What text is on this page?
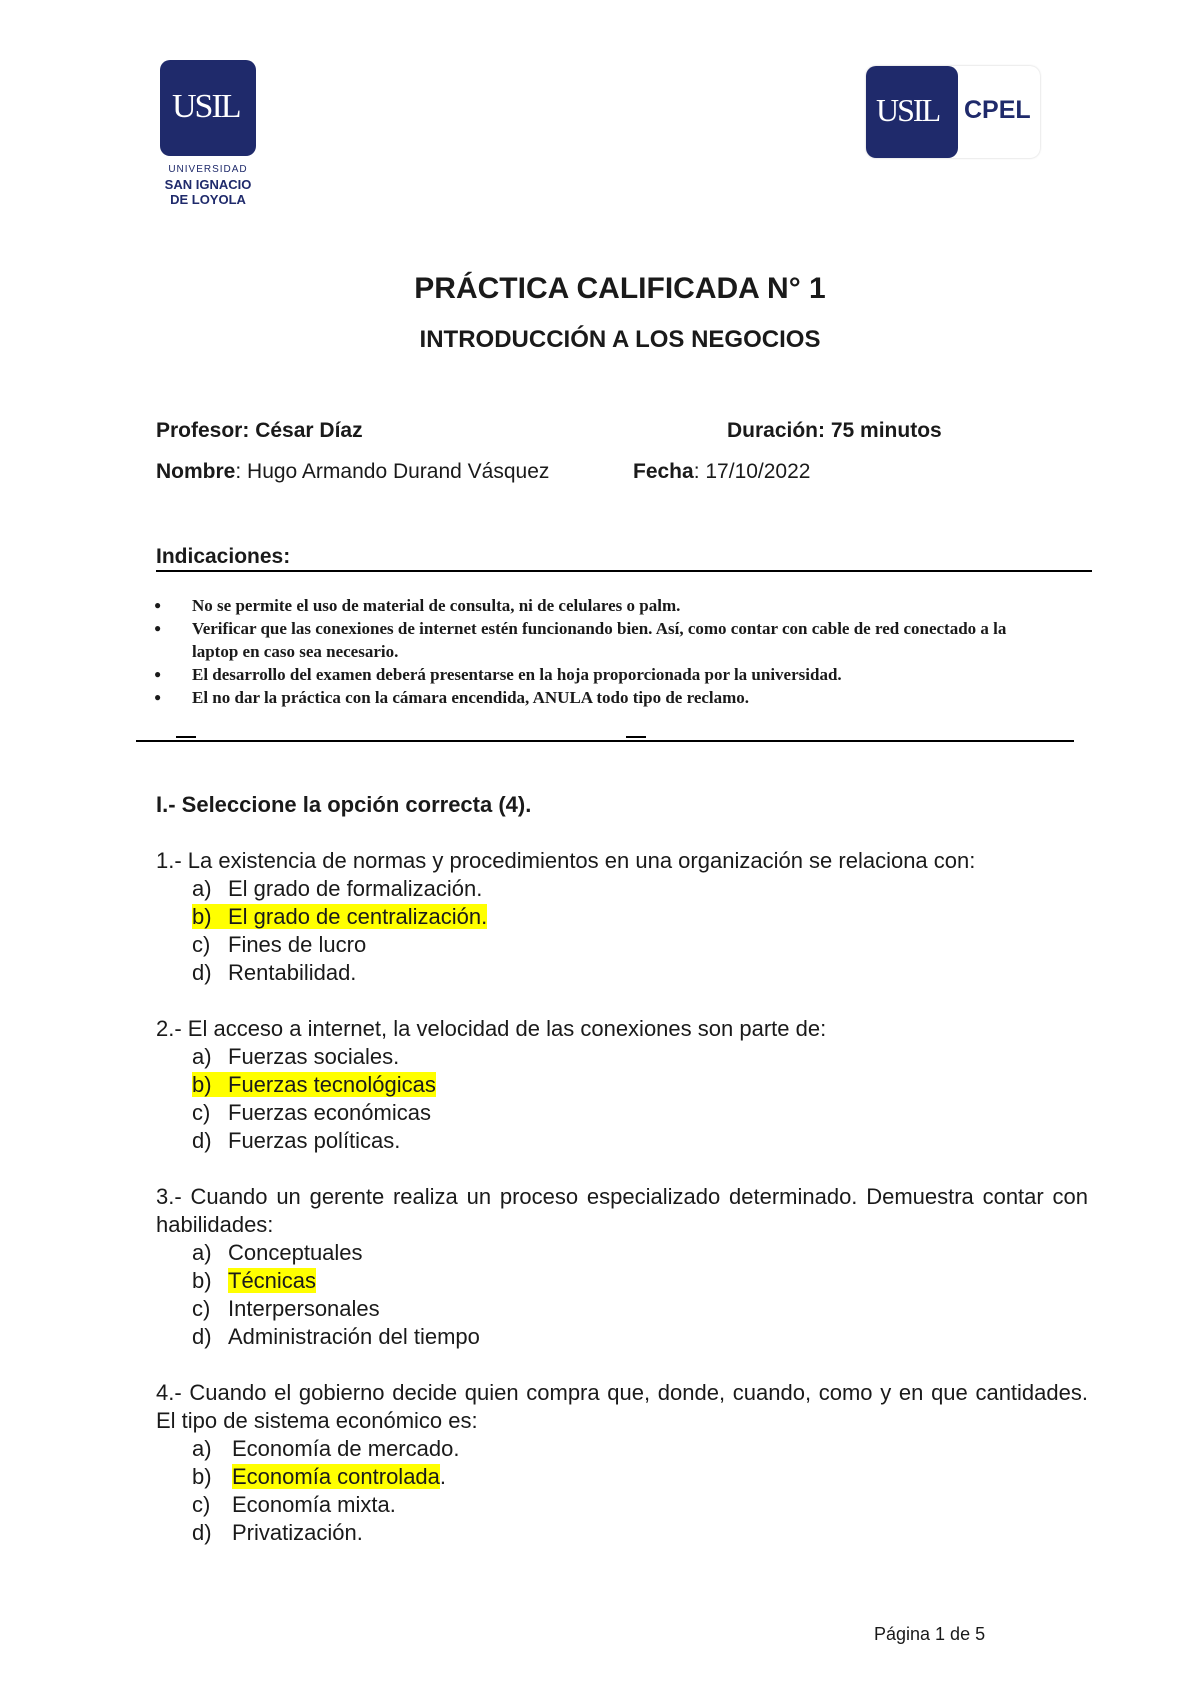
USIL
UNIVERSIDAD
SAN IGNACIO
DE LOYOLA
USIL CPEL
PRÁCTICA CALIFICADA N° 1
INTRODUCCIÓN A LOS NEGOCIOS
Profesor: César Díaz	Duración: 75 minutos
Nombre: Hugo Armando Durand Vásquez	Fecha: 17/10/2022
Indicaciones:
● No se permite el uso de material de consulta, ni de celulares o palm.
● Verificar que las conexiones de internet estén funcionando bien. Así, como contar con cable de red conectado a la laptop en caso sea necesario.
● El desarrollo del examen deberá presentarse en la hoja proporcionada por la universidad.
● El no dar la práctica con la cámara encendida, ANULA todo tipo de reclamo.
I.- Seleccione la opción correcta (4).
1.- La existencia de normas y procedimientos en una organización se relaciona con:
a) El grado de formalización.
b) El grado de centralización.
c) Fines de lucro
d) Rentabilidad.
2.- El acceso a internet, la velocidad de las conexiones son parte de:
a) Fuerzas sociales.
b) Fuerzas tecnológicas
c) Fuerzas económicas
d) Fuerzas políticas.
3.- Cuando un gerente realiza un proceso especializado determinado. Demuestra contar con habilidades:
a) Conceptuales
b) Técnicas
c) Interpersonales
d) Administración del tiempo
4.- Cuando el gobierno decide quien compra que, donde, cuando, como y en que cantidades. El tipo de sistema económico es:
a) Economía de mercado.
b) Economía controlada.
c) Economía mixta.
d) Privatización.
Página 1 de 5
